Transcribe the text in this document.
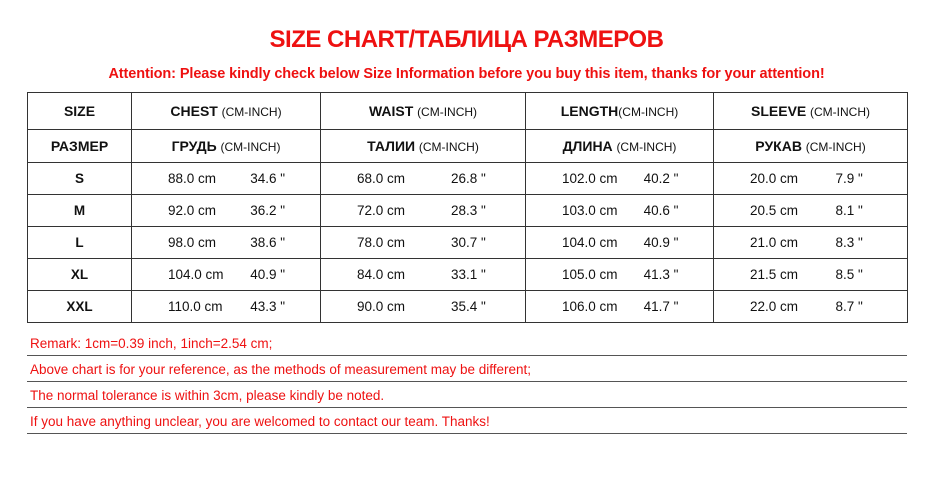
SIZE CHART/ТАБЛИЦА РАЗМЕРОВ
Attention: Please kindly check below Size Information before you buy this item, thanks for your attention!
SIZE	CHEST (CM-INCH)	WAIST (CM-INCH)	LENGTH(CM-INCH)	SLEEVE (CM-INCH)
РАЗМЕР	ГРУДЬ (CM-INCH)	ТАЛИИ (CM-INCH)	ДЛИНА (CM-INCH)	РУКАВ (CM-INCH)
S	88.0 cm 34.6 "	68.0 cm 26.8 "	102.0 cm 40.2 "	20.0 cm 7.9 "

M	92.0 cm 36.2 "	72.0 cm 28.3 "	103.0 cm 40.6 "	20.5 cm 8.1 "

L	98.0 cm 38.6 "	78.0 cm 30.7 "	104.0 cm 40.9 "	21.0 cm 8.3 "

XL	104.0 cm 40.9 "	84.0 cm 33.1 "	105.0 cm 41.3 "	21.5 cm 8.5 "

XXL	110.0 cm 43.3 "	90.0 cm 35.4 "	106.0 cm 41.7 "	22.0 cm 8.7 "
Remark: 1cm=0.39 inch, 1inch=2.54 cm;
Above chart is for your reference, as the methods of measurement may be different;
The normal tolerance is within 3cm, please kindly be noted.
If you have anything unclear, you are welcomed to contact our team. Thanks!
